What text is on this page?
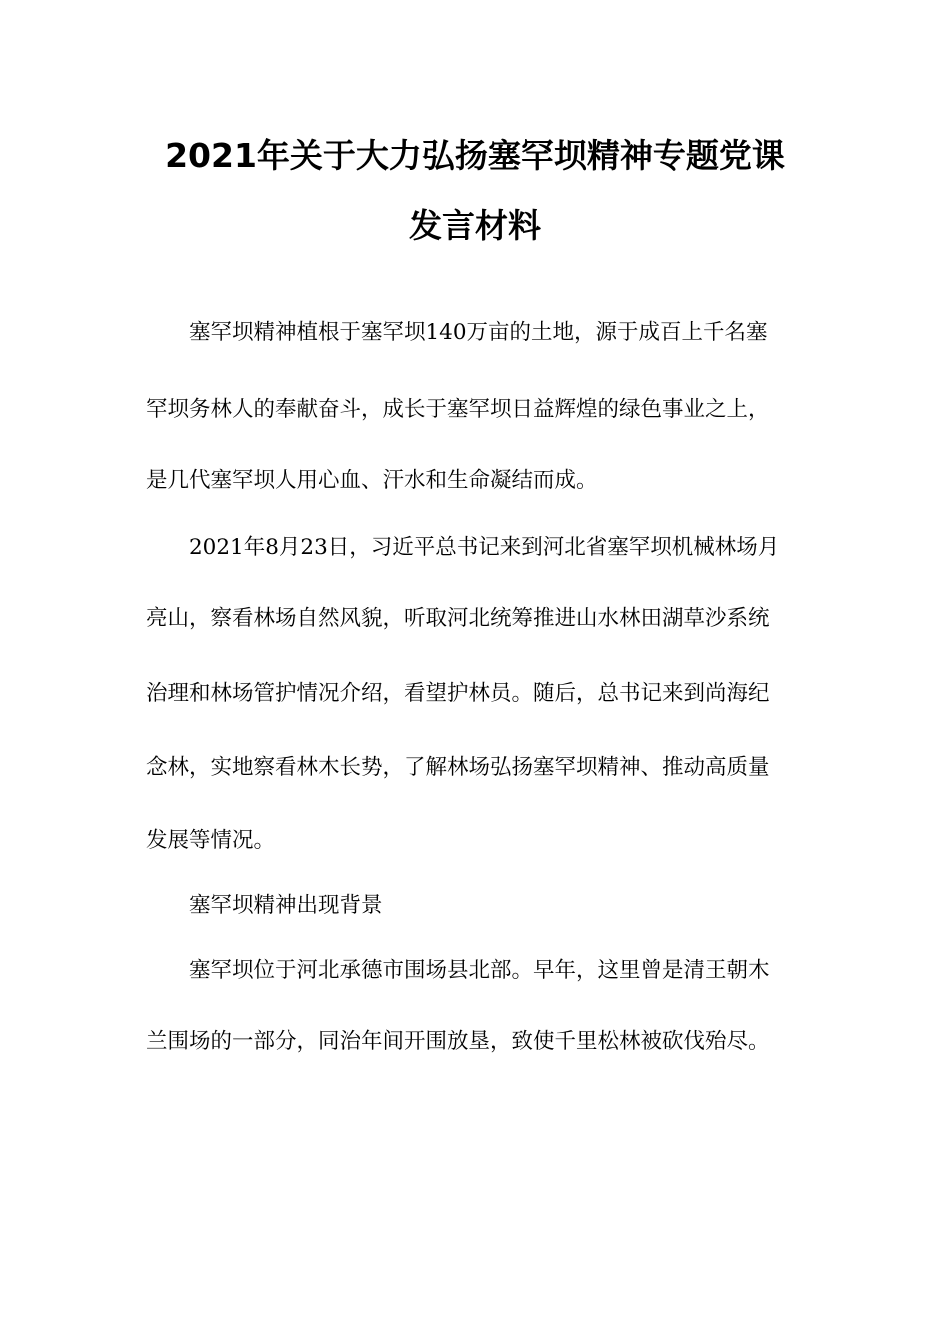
2021年关于大力弘扬塞罕坝精神专题党课
发言材料
塞罕坝精神植根于塞罕坝140万亩的土地，源于成百上千名塞
罕坝务林人的奉献奋斗，成长于塞罕坝日益辉煌的绿色事业之上，
是几代塞罕坝人用心血、汗水和生命凝结而成。
2021年8月23日，习近平总书记来到河北省塞罕坝机械林场月
亮山，察看林场自然风貌，听取河北统筹推进山水林田湖草沙系统
治理和林场管护情况介绍，看望护林员。随后，总书记来到尚海纪
念林，实地察看林木长势，了解林场弘扬塞罕坝精神、推动高质量
发展等情况。
塞罕坝精神出现背景
塞罕坝位于河北承德市围场县北部。早年，这里曾是清王朝木
兰围场的一部分，同治年间开围放垦，致使千里松林被砍伐殆尽。
